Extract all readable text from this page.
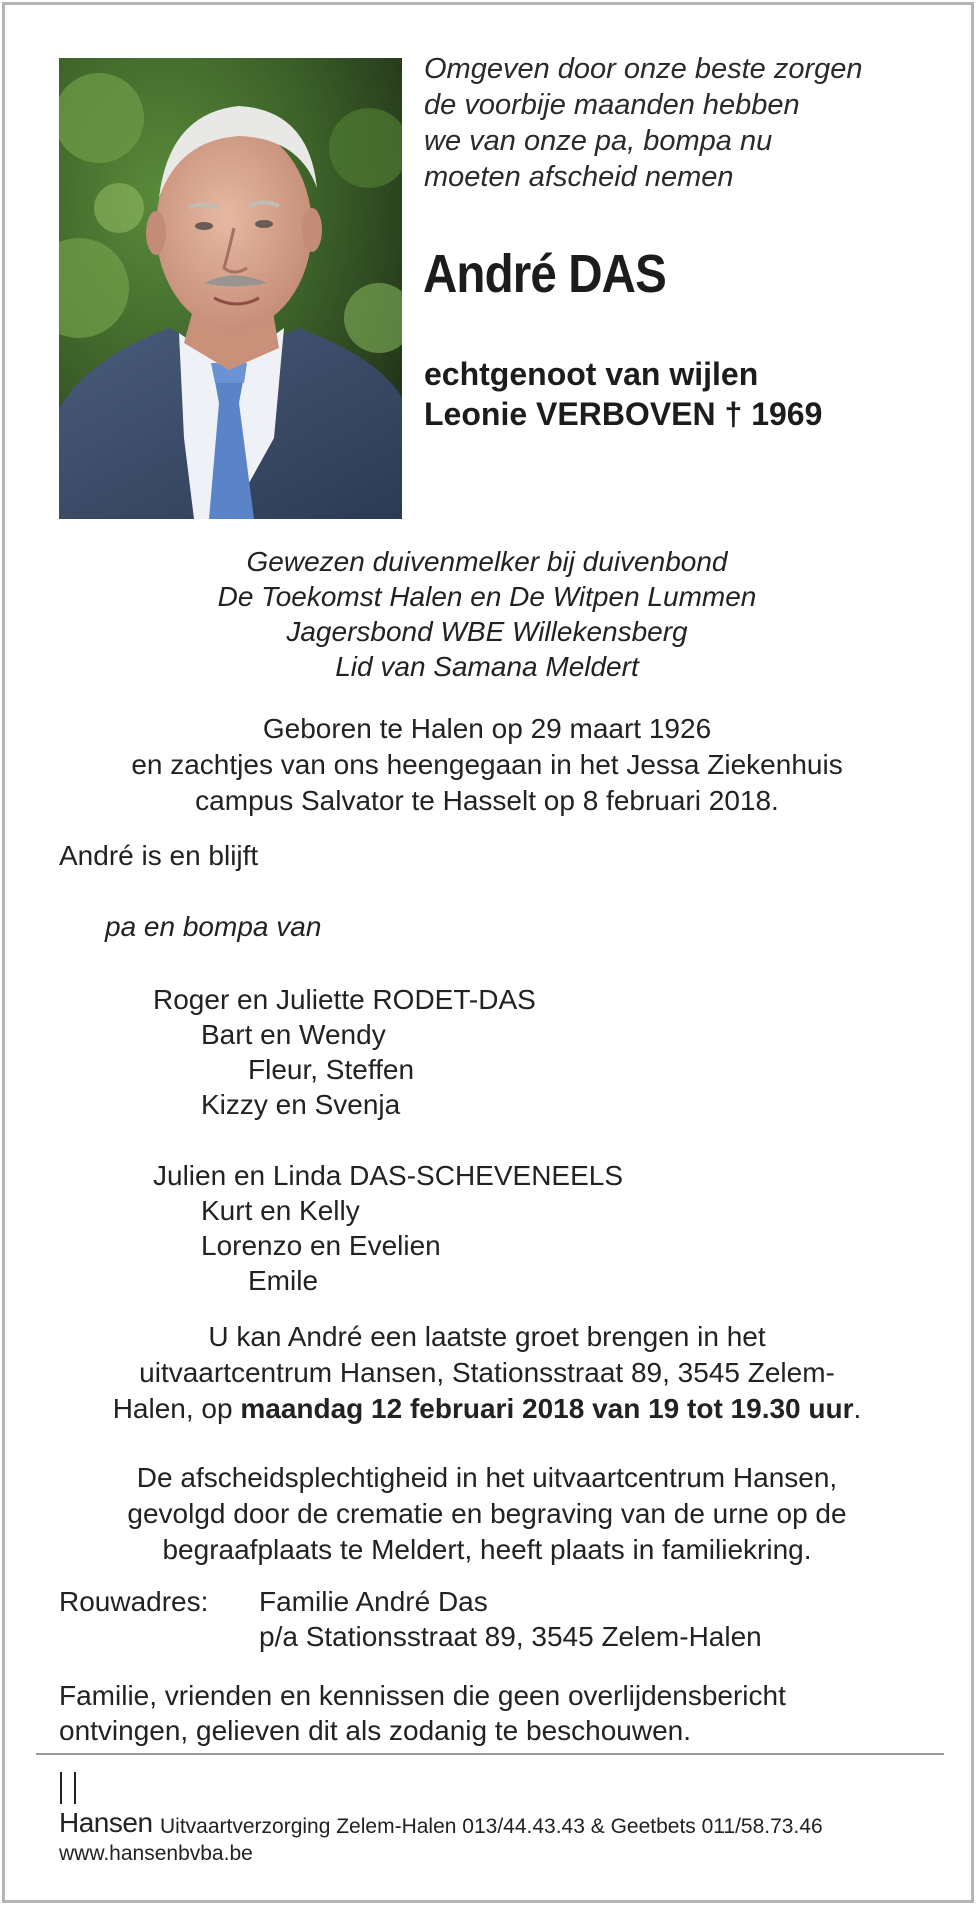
Omgeven door onze beste zorgen
de voorbije maanden hebben
we van onze pa, bompa nu
moeten afscheid nemen
André DAS
echtgenoot van wijlen
Leonie VERBOVEN † 1969
Gewezen duivenmelker bij duivenbond
De Toekomst Halen en De Witpen Lummen
Jagersbond WBE Willekensberg
Lid van Samana Meldert
Geboren te Halen op 29 maart 1926
en zachtjes van ons heengegaan in het Jessa Ziekenhuis
campus Salvator te Hasselt op 8 februari 2018.
André is en blijft
pa en bompa van
Roger en Juliette RODET-DAS
Bart en Wendy
Fleur, Steffen
Kizzy en Svenja
Julien en Linda DAS-SCHEVENEELS
Kurt en Kelly
Lorenzo en Evelien
Emile
U kan André een laatste groet brengen in het
uitvaartcentrum Hansen, Stationsstraat 89, 3545 Zelem-
Halen, op maandag 12 februari 2018 van 19 tot 19.30 uur.
De afscheidsplechtigheid in het uitvaartcentrum Hansen,
gevolgd door de crematie en begraving van de urne op de
begraafplaats te Meldert, heeft plaats in familiekring.
Rouwadres: Familie André Das
p/a Stationsstraat 89, 3545 Zelem-Halen
Familie, vrienden en kennissen die geen overlijdensbericht
ontvingen, gelieven dit als zodanig te beschouwen.
Hansen Uitvaartverzorging Zelem-Halen 013/44.43.43 & Geetbets 011/58.73.46
www.hansenbvba.be
